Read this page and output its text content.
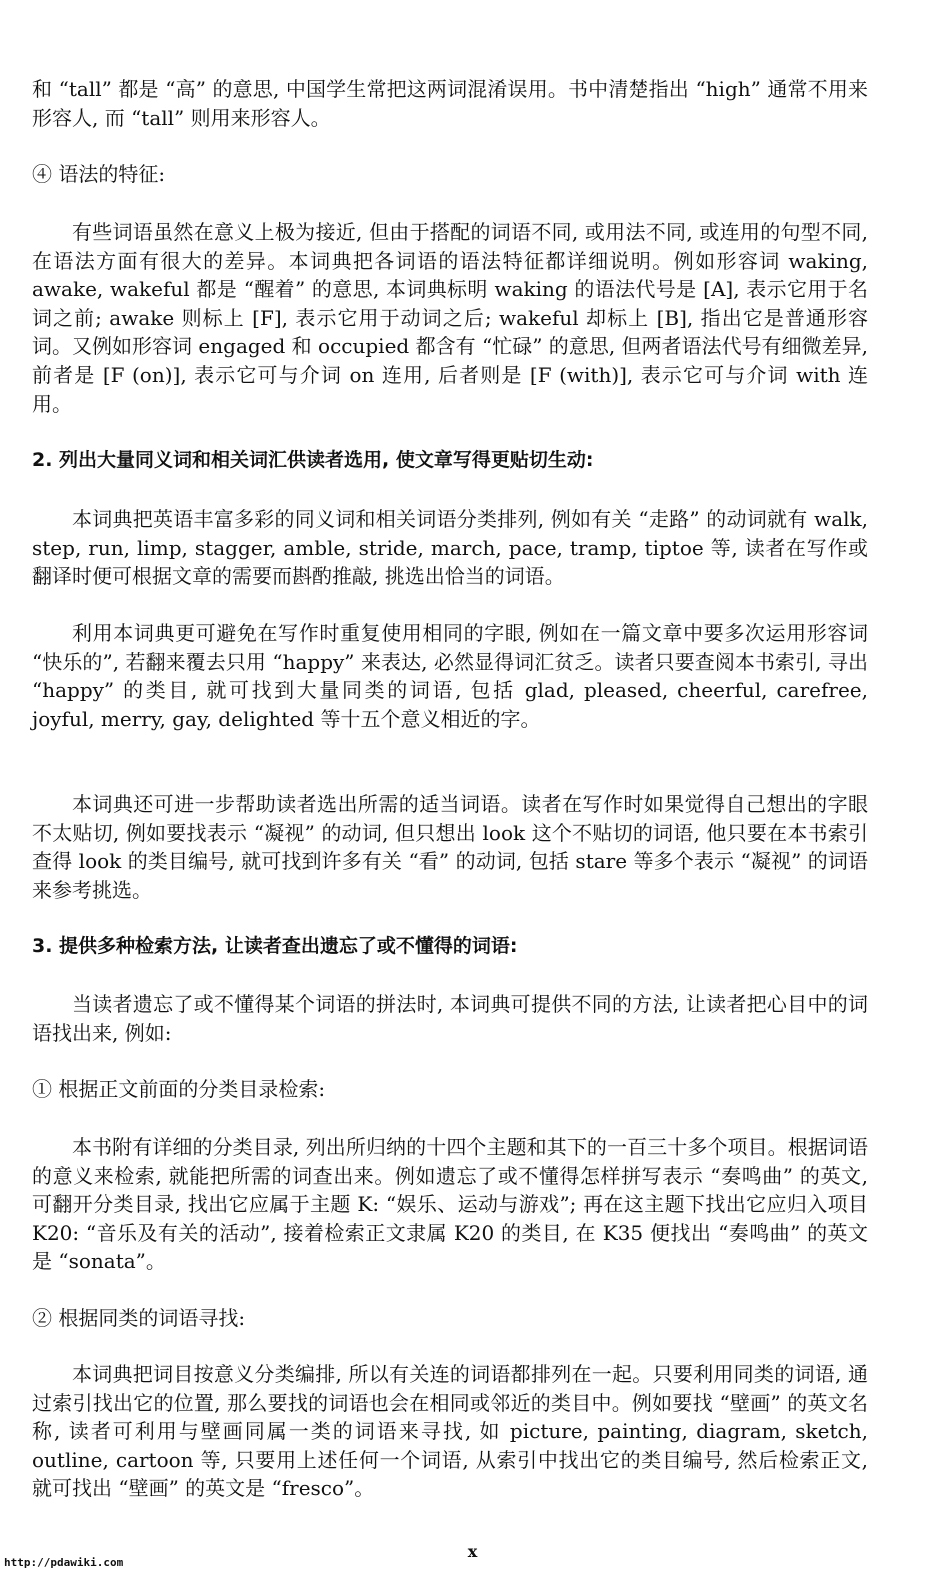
和 “tall” 都是 “高” 的意思, 中国学生常把这两词混淆误用。书中清楚指出 “high” 通常不用来形容人, 而 “tall” 则用来形容人。

④ 语法的特征:

有些词语虽然在意义上极为接近, 但由于搭配的词语不同, 或用法不同, 或连用的句型不同, 在语法方面有很大的差异。本词典把各词语的语法特征都详细说明。例如形容词 waking, awake, wakeful 都是 “醒着” 的意思, 本词典标明 waking 的语法代号是 [A], 表示它用于名词之前; awake 则标上 [F], 表示它用于动词之后; wakeful 却标上 [B], 指出它是普通形容词。又例如形容词 engaged 和 occupied 都含有 “忙碌” 的意思, 但两者语法代号有细微差异, 前者是 [F (on)], 表示它可与介词 on 连用, 后者则是 [F (with)], 表示它可与介词 with 连用。

2. 列出大量同义词和相关词汇供读者选用, 使文章写得更贴切生动:

本词典把英语丰富多彩的同义词和相关词语分类排列, 例如有关 “走路” 的动词就有 walk, step, run, limp, stagger, amble, stride, march, pace, tramp, tiptoe 等, 读者在写作或翻译时便可根据文章的需要而斟酌推敲, 挑选出恰当的词语。

利用本词典更可避免在写作时重复使用相同的字眼, 例如在一篇文章中要多次运用形容词 “快乐的”, 若翻来覆去只用 “happy” 来表达, 必然显得词汇贫乏。读者只要查阅本书索引, 寻出 “happy” 的类目, 就可找到大量同类的词语, 包括 glad, pleased, cheerful, carefree, joyful, merry, gay, delighted 等十五个意义相近的字。

本词典还可进一步帮助读者选出所需的适当词语。读者在写作时如果觉得自己想出的字眼不太贴切, 例如要找表示 “凝视” 的动词, 但只想出 look 这个不贴切的词语, 他只要在本书索引查得 look 的类目编号, 就可找到许多有关 “看” 的动词, 包括 stare 等多个表示 “凝视” 的词语来参考挑选。

3. 提供多种检索方法, 让读者查出遗忘了或不懂得的词语:

当读者遗忘了或不懂得某个词语的拼法时, 本词典可提供不同的方法, 让读者把心目中的词语找出来, 例如:

① 根据正文前面的分类目录检索:

本书附有详细的分类目录, 列出所归纳的十四个主题和其下的一百三十多个项目。根据词语的意义来检索, 就能把所需的词查出来。例如遗忘了或不懂得怎样拼写表示 “奏鸣曲” 的英文, 可翻开分类目录, 找出它应属于主题 K: “娱乐、运动与游戏”; 再在这主题下找出它应归入项目 K20: “音乐及有关的活动”, 接着检索正文隶属 K20 的类目, 在 K35 便找出 “奏鸣曲” 的英文是 “sonata”。

② 根据同类的词语寻找:

本词典把词目按意义分类编排, 所以有关连的词语都排列在一起。只要利用同类的词语, 通过索引找出它的位置, 那么要找的词语也会在相同或邻近的类目中。例如要找 “壁画” 的英文名称, 读者可利用与壁画同属一类的词语来寻找, 如 picture, painting, diagram, sketch, outline, cartoon 等, 只要用上述任何一个词语, 从索引中找出它的类目编号, 然后检索正文, 就可找出 “壁画” 的英文是 “fresco”。

x

http://pdawiki.com
